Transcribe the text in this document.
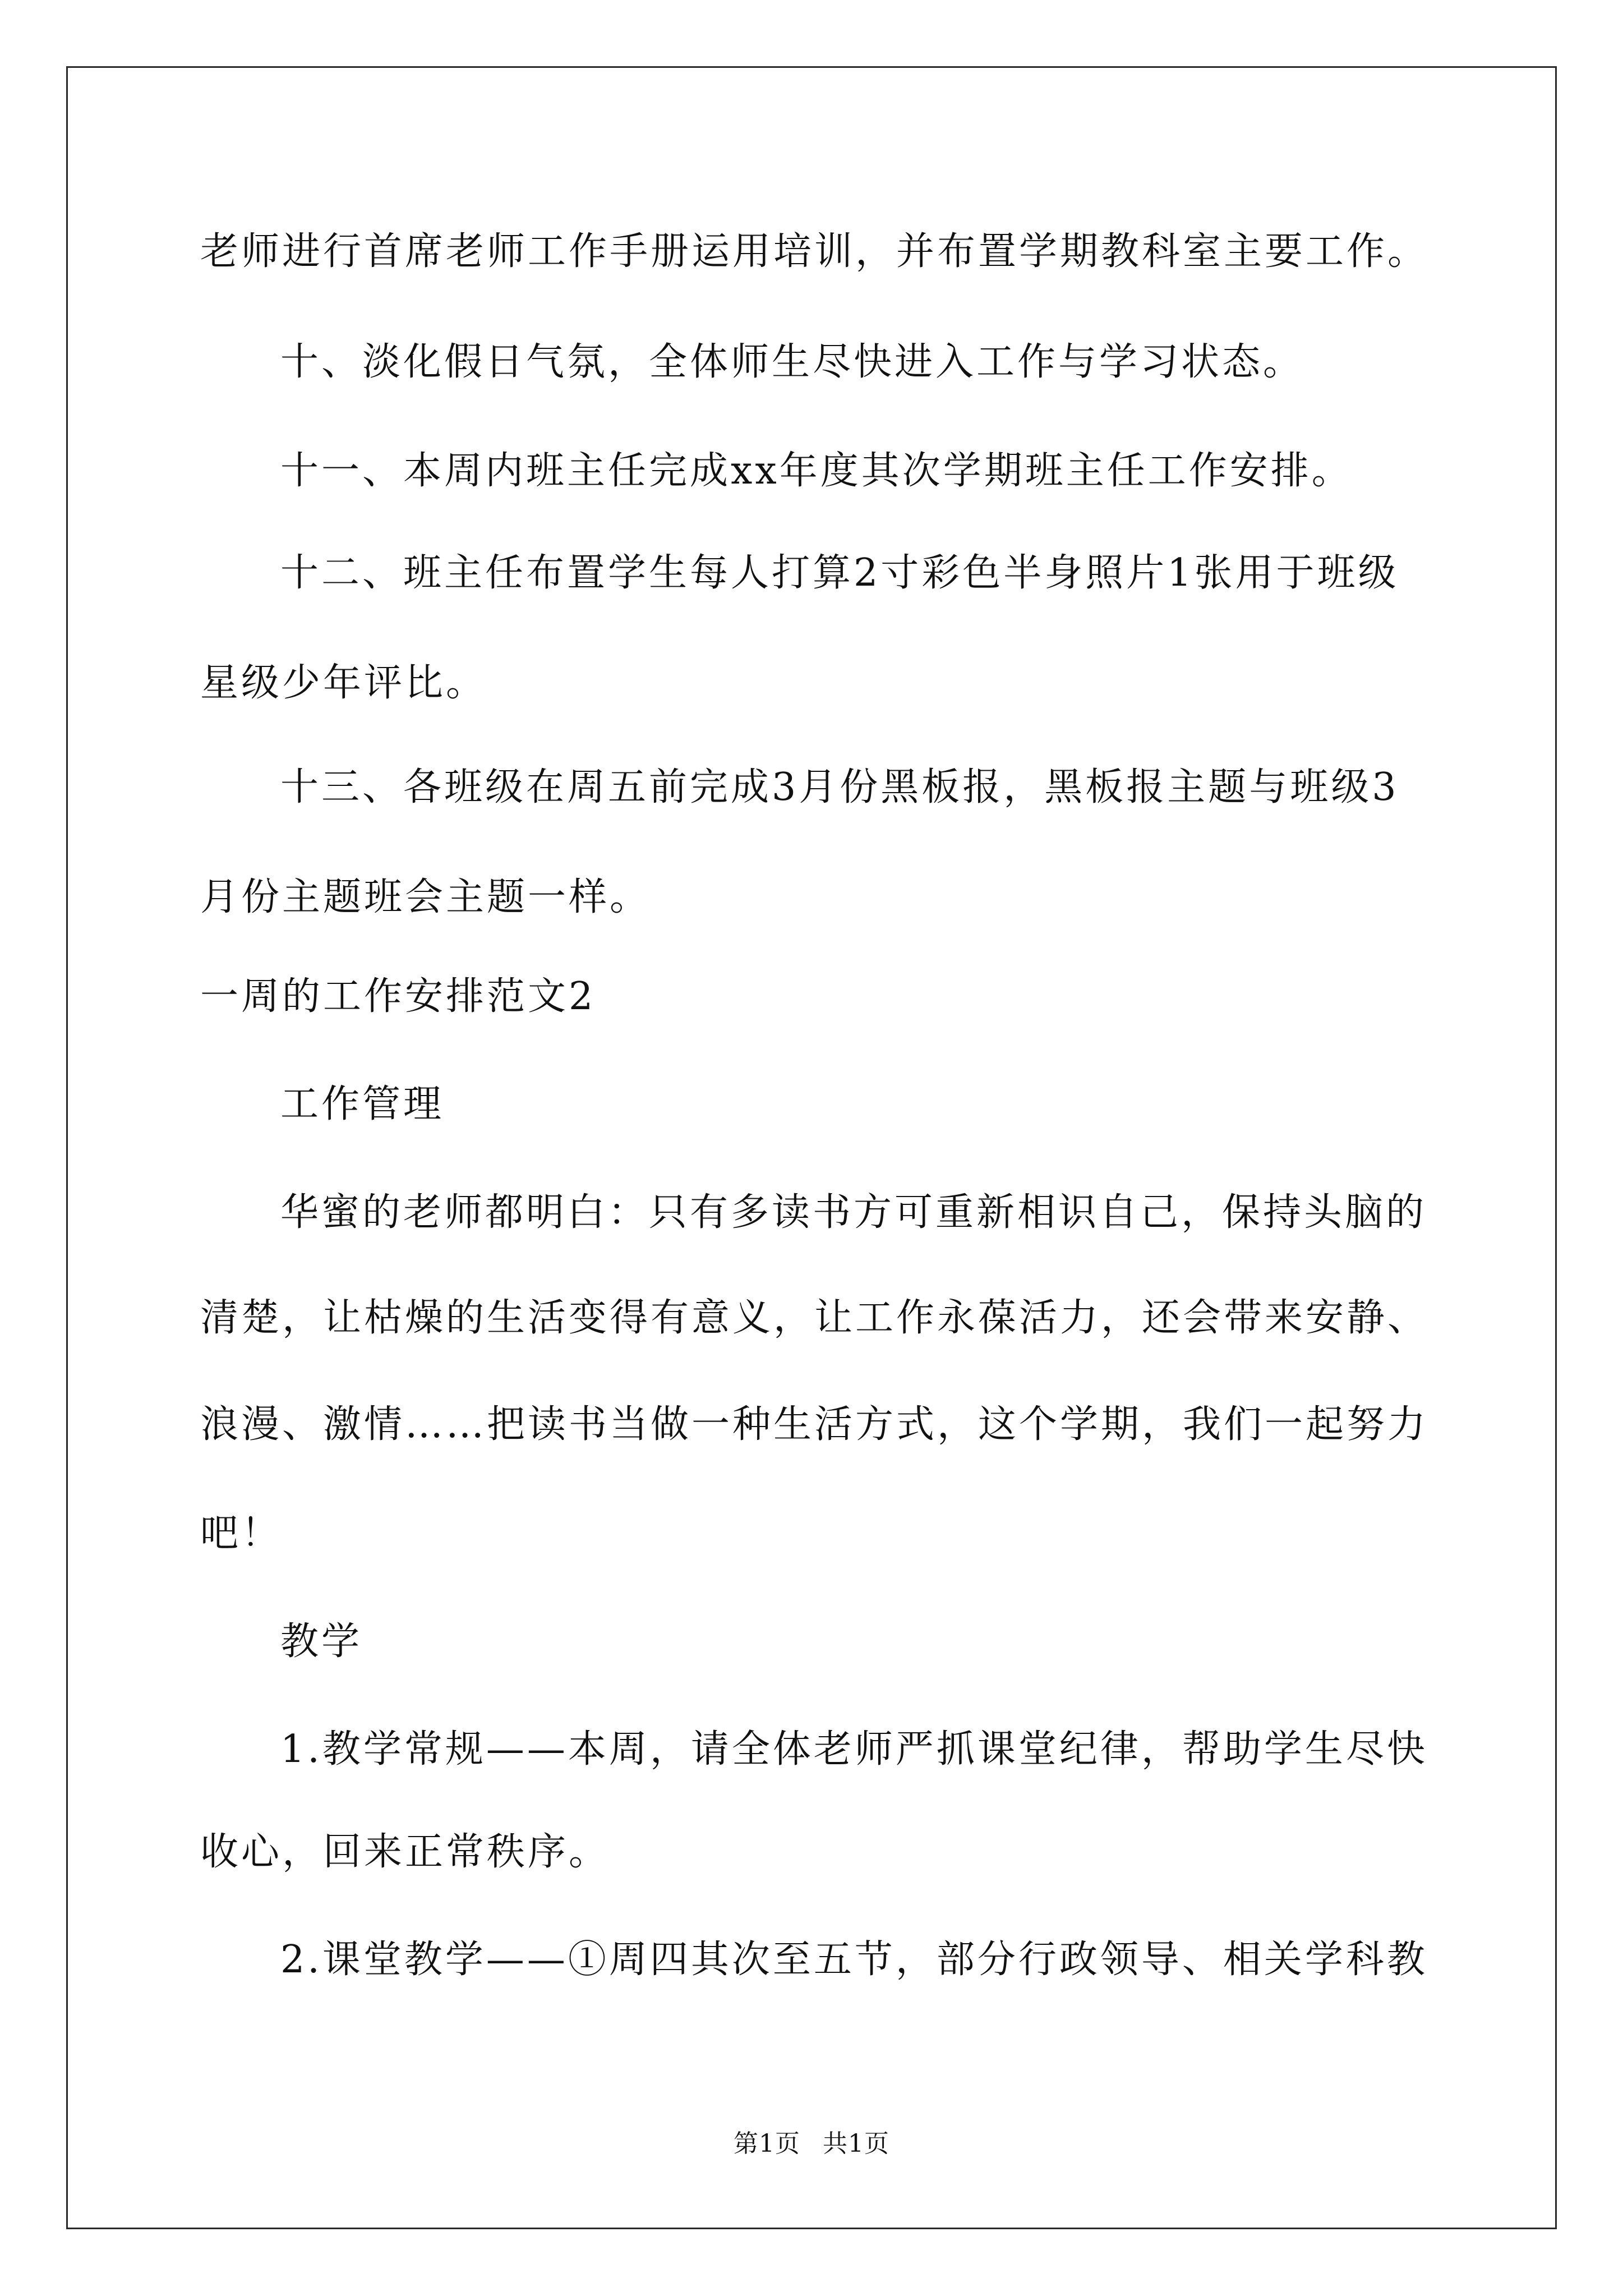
老师进行首席老师工作手册运用培训，并布置学期教科室主要工作。
十、淡化假日气氛，全体师生尽快进入工作与学习状态。
十一、本周内班主任完成xx年度其次学期班主任工作安排。
十二、班主任布置学生每人打算2寸彩色半身照片1张用于班级
星级少年评比。
十三、各班级在周五前完成3月份黑板报，黑板报主题与班级3
月份主题班会主题一样。
一周的工作安排范文2
工作管理
华蜜的老师都明白：只有多读书方可重新相识自己，保持头脑的
清楚，让枯燥的生活变得有意义，让工作永葆活力，还会带来安静、
浪漫、激情……把读书当做一种生活方式，这个学期，我们一起努力
吧！
教学
1.教学常规——本周，请全体老师严抓课堂纪律，帮助学生尽快
收心，回来正常秩序。
2.课堂教学——①周四其次至五节，部分行政领导、相关学科教
第1页 共1页
